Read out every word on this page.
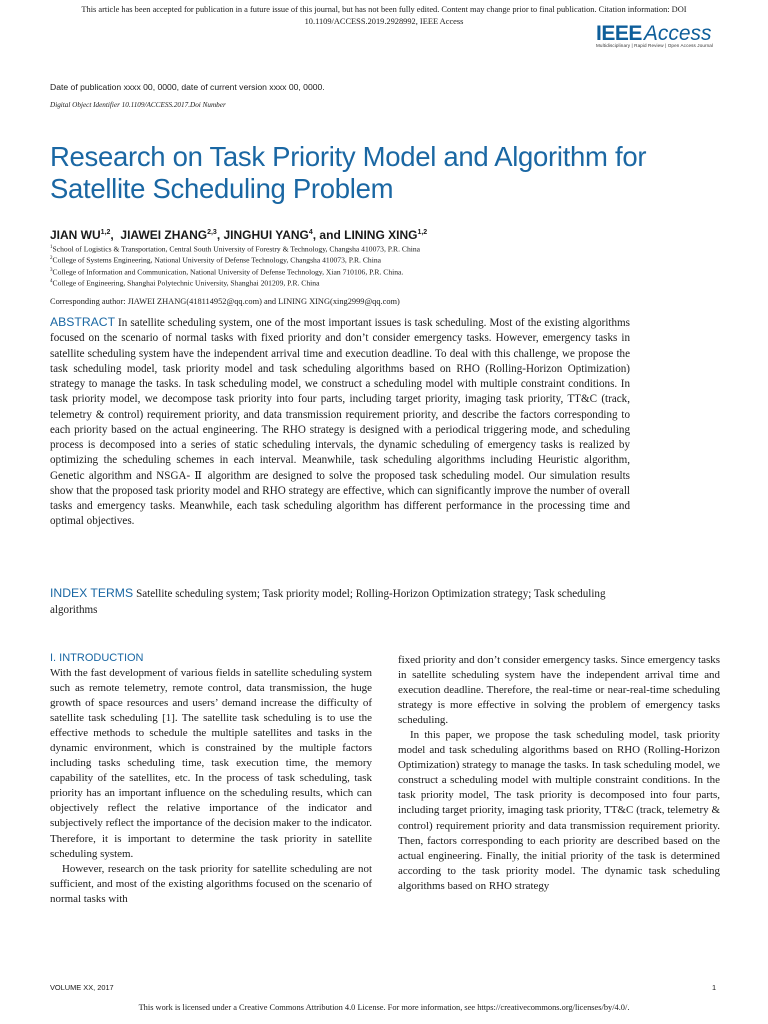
This article has been accepted for publication in a future issue of this journal, but has not been fully edited. Content may change prior to final publication. Citation information: DOI
10.1109/ACCESS.2019.2928992, IEEE Access
IEEEAccess
Multidisciplinary | Rapid Review | Open Access Journal
Date of publication xxxx 00, 0000, date of current version xxxx 00, 0000.
Digital Object Identifier 10.1109/ACCESS.2017.Doi Number
Research on Task Priority Model and Algorithm for Satellite Scheduling Problem
JIAN WU$^{1,2}$,  JIAWEI ZHANG$^{2,3}$, JINGHUI YANG$^4$, and LINING XING$^{1,2}$
$^1$School of Logistics & Transportation, Central South University of Forestry & Technology, Changsha 410073, P.R. China
$^2$College of Systems Engineering, National University of Defense Technology, Changsha 410073, P.R. China
$^3$College of Information and Communication, National University of Defense Technology, Xian 710106, P.R. China.
$^4$College of Engineering, Shanghai Polytechnic University, Shanghai 201209, P.R. China
Corresponding author: JIAWEI ZHANG(418114952@qq.com) and LINING XING(xing2999@qq.com)
ABSTRACT In satellite scheduling system, one of the most important issues is task scheduling. Most of the existing algorithms focused on the scenario of normal tasks with fixed priority and don’t consider emergency tasks. However, emergency tasks in satellite scheduling system have the independent arrival time and execution deadline. To deal with this challenge, we propose the task scheduling model, task priority model and task scheduling algorithms based on RHO (Rolling-Horizon Optimization) strategy to manage the tasks. In task scheduling model, we construct a scheduling model with multiple constraint conditions. In task priority model, we decompose task priority into four parts, including target priority, imaging task priority, TT&C (track, telemetry & control) requirement priority, and data transmission requirement priority, and describe the factors corresponding to each priority based on the actual engineering. The RHO strategy is designed with a periodical triggering mode, and scheduling process is decomposed into a series of static scheduling intervals, the dynamic scheduling of emergency tasks is realized by optimizing the scheduling schemes in each interval. Meanwhile, task scheduling algorithms including Heuristic algorithm, Genetic algorithm and NSGA- Ⅱ algorithm are designed to solve the proposed task scheduling model. Our simulation results show that the proposed task priority model and RHO strategy are effective, which can significantly improve the number of overall tasks and emergency tasks. Meanwhile, each task scheduling algorithm has different performance in the processing time and optimal objectives.
INDEX TERMS Satellite scheduling system; Task priority model; Rolling-Horizon Optimization strategy; Task scheduling algorithms
I. INTRODUCTION

With the fast development of various fields in satellite scheduling system such as remote telemetry, remote control, data transmission, the huge growth of space resources and users’ demand increase the difficulty of satellite task scheduling [1]. The satellite task scheduling is to use the effective methods to schedule the multiple satellites and tasks in the dynamic environment, which is constrained by the multiple factors including tasks scheduling time, task execution time, the memory capability of the satellites, etc. In the process of task scheduling, task priority has an important influence on the scheduling results, which can objectively reflect the relative importance of the indicator and subjectively reflect the importance of the decision maker to the indicator. Therefore, it is important to determine the task priority in satellite scheduling system.

However, research on the task priority for satellite scheduling are not sufficient, and most of the existing algorithms focused on the scenario of normal tasks with

fixed priority and don’t consider emergency tasks. Since emergency tasks in satellite scheduling system have the independent arrival time and execution deadline. Therefore, the real-time or near-real-time scheduling strategy is more effective in solving the problem of emergency tasks scheduling.

In this paper, we propose the task scheduling model, task priority model and task scheduling algorithms based on RHO (Rolling-Horizon Optimization) strategy to manage the tasks. In task scheduling model, we construct a scheduling model with multiple constraint conditions. In the task priority model, The task priority is decomposed into four parts, including target priority, imaging task priority, TT&C (track, telemetry & control) requirement priority and data transmission requirement priority. Then, factors corresponding to each priority are described based on the actual engineering. Finally, the initial priority of the task is determined according to the task priority model. The dynamic task scheduling algorithms based on RHO strategy

VOLUME XX, 2017	1
This work is licensed under a Creative Commons Attribution 4.0 License. For more information, see https://creativecommons.org/licenses/by/4.0/.
